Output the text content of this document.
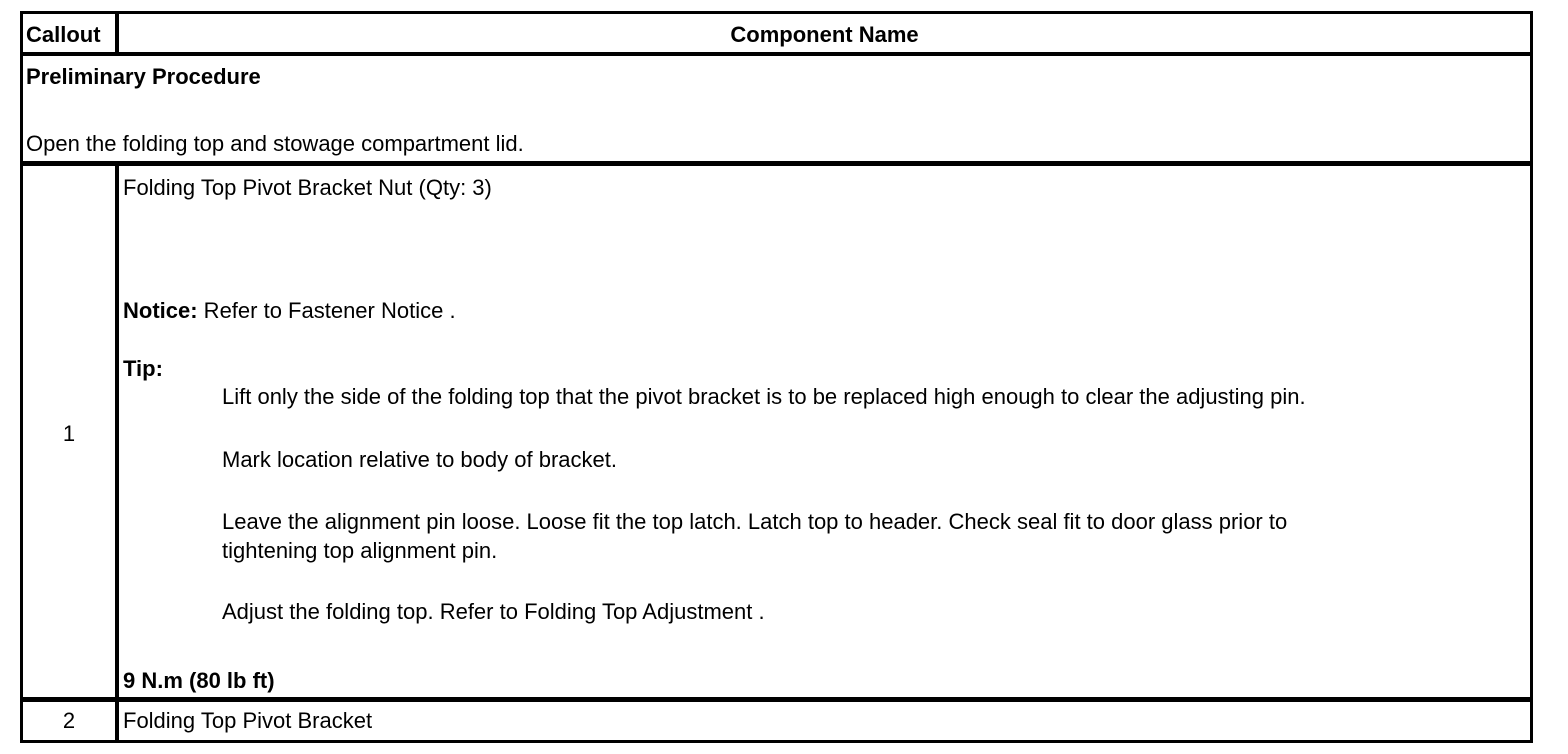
Callout	Component Name
Preliminary Procedure
Open the folding top and stowage compartment lid.
1
Folding Top Pivot Bracket Nut (Qty: 3)
Notice: Refer to Fastener Notice .
Tip:
Lift only the side of the folding top that the pivot bracket is to be replaced high enough to clear the adjusting pin.
Mark location relative to body of bracket.
Leave the alignment pin loose. Loose fit the top latch. Latch top to header. Check seal fit to door glass prior to
tightening top alignment pin.
Adjust the folding top. Refer to Folding Top Adjustment .
9 N.m (80 lb ft)
2	Folding Top Pivot Bracket
